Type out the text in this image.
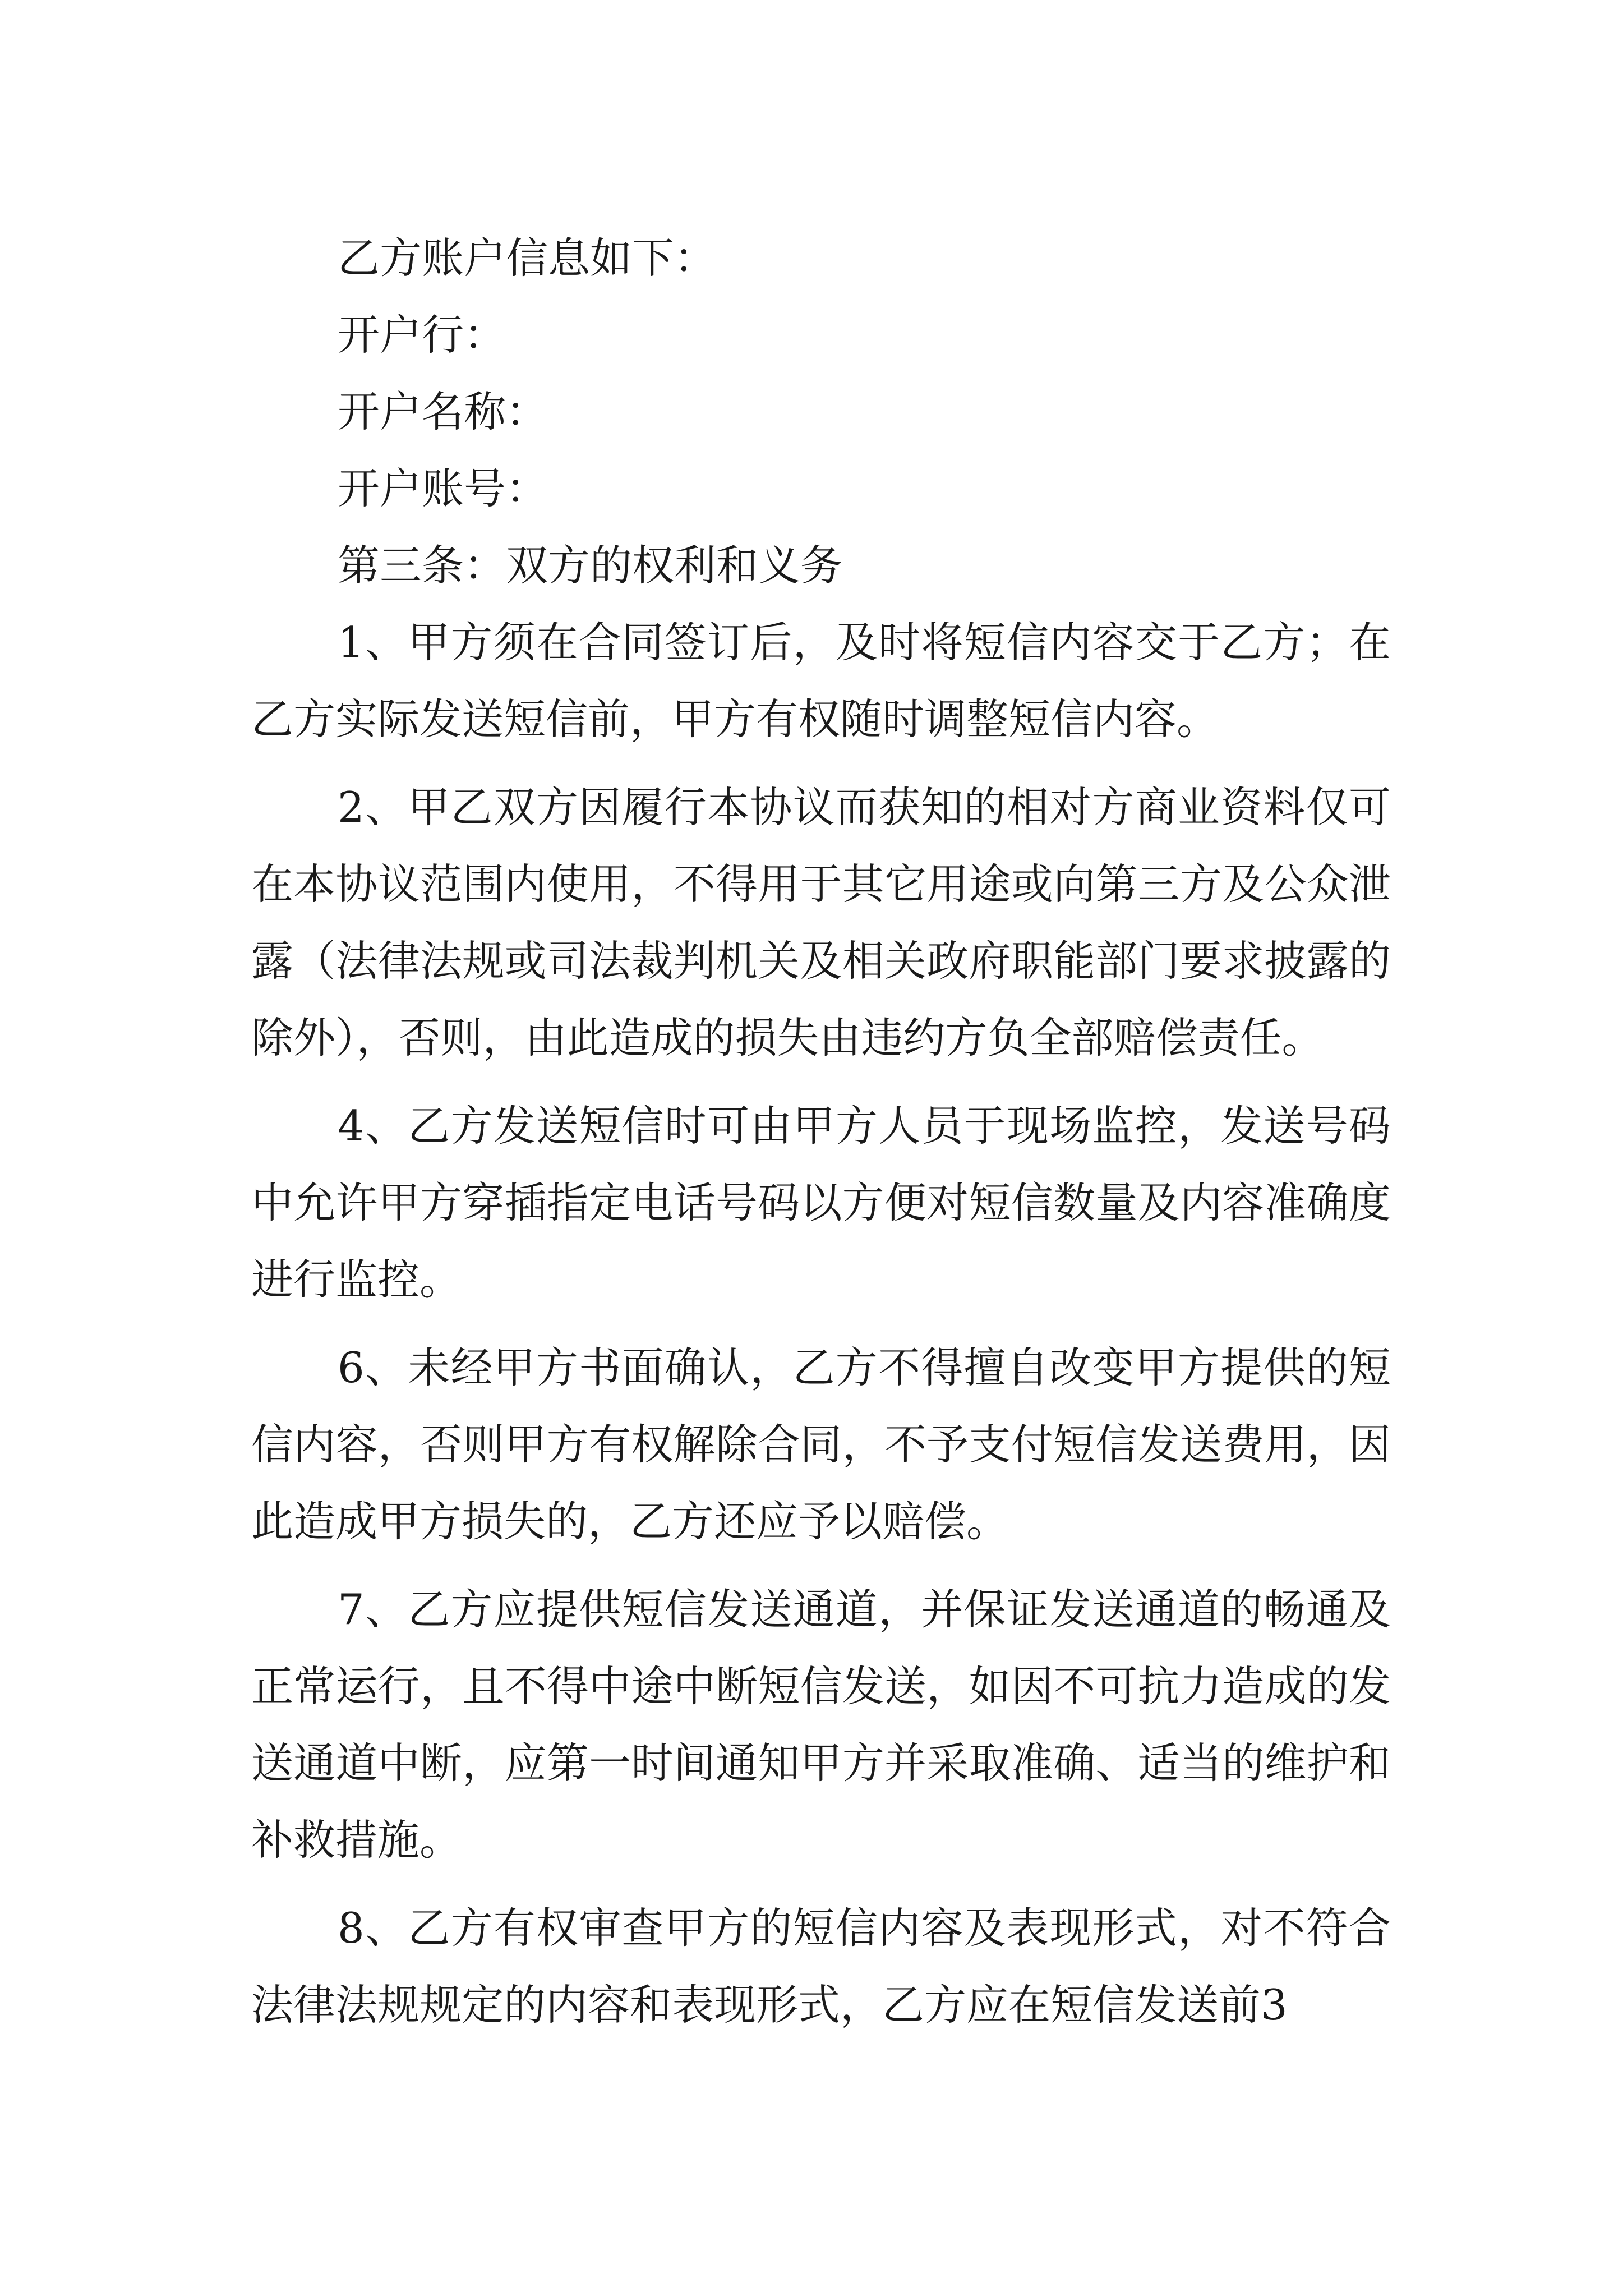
乙方账户信息如下：

开户行：

开户名称：

开户账号：

第三条：双方的权利和义务

1、甲方须在合同签订后，及时将短信内容交于乙方；在乙方实际发送短信前，甲方有权随时调整短信内容。

2、甲乙双方因履行本协议而获知的相对方商业资料仅可在本协议范围内使用，不得用于其它用途或向第三方及公众泄露（法律法规或司法裁判机关及相关政府职能部门要求披露的除外），否则，由此造成的损失由违约方负全部赔偿责任。

4、乙方发送短信时可由甲方人员于现场监控，发送号码中允许甲方穿插指定电话号码以方便对短信数量及内容准确度进行监控。

6、未经甲方书面确认，乙方不得擅自改变甲方提供的短信内容，否则甲方有权解除合同，不予支付短信发送费用，因此造成甲方损失的，乙方还应予以赔偿。

7、乙方应提供短信发送通道，并保证发送通道的畅通及正常运行，且不得中途中断短信发送，如因不可抗力造成的发送通道中断，应第一时间通知甲方并采取准确、适当的维护和补救措施。

8、乙方有权审查甲方的短信内容及表现形式，对不符合法律法规规定的内容和表现形式，乙方应在短信发送前3
